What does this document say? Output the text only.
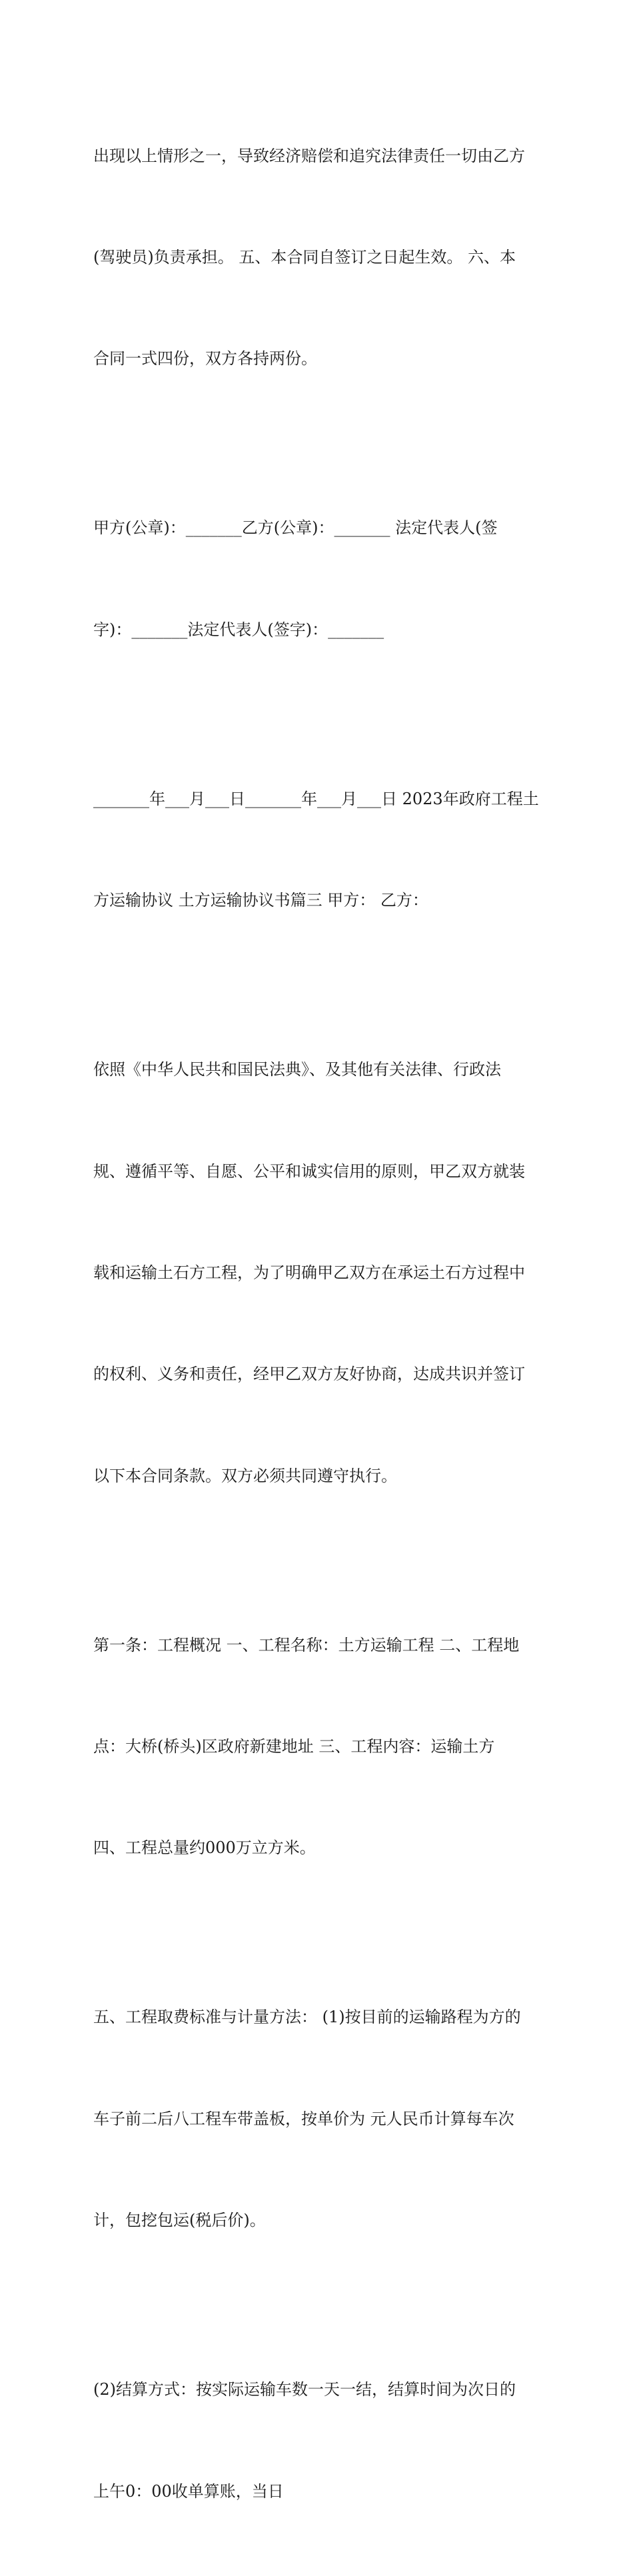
出现以上情形之一，导致经济赔偿和追究法律责任一切由乙方

(驾驶员)负责承担。 五、本合同自签订之日起生效。 六、本

合同一式四份，双方各持两份。

甲方(公章)：_______乙方(公章)：_______ 法定代表人(签

字)：_______法定代表人(签字)：_______

_______年___月___日_______年___月___日 2023年政府工程土

方运输协议 土方运输协议书篇三 甲方： 乙方：

依照《中华人民共和国民法典》、及其他有关法律、行政法

规、遵循平等、自愿、公平和诚实信用的原则，甲乙双方就装

载和运输土石方工程，为了明确甲乙双方在承运土石方过程中

的权利、义务和责任，经甲乙双方友好协商，达成共识并签订

以下本合同条款。双方必须共同遵守执行。

第一条：工程概况 一、工程名称：土方运输工程 二、工程地

点：大桥(桥头)区政府新建地址 三、工程内容：运输土方

四、工程总量约000万立方米。

五、工程取费标准与计量方法： (1)按目前的运输路程为方的

车子前二后八工程车带盖板，按单价为 元人民币计算每车次

计，包挖包运(税后价)。

(2)结算方式：按实际运输车数一天一结，结算时间为次日的

上午0：00收单算账，当日
